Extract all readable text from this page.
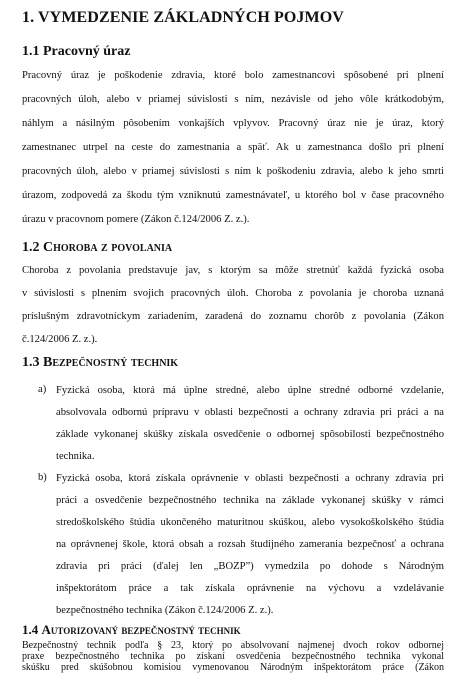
1. VYMEDZENIE ZÁKLADNÝCH POJMOV
1.1 Pracovný úraz
Pracovný úraz je poškodenie zdravia, ktoré bolo zamestnancovi spôsobené pri plnení
pracovných úloh, alebo v priamej súvislosti s ním, nezávisle od jeho vôle krátkodobým,
náhlym a násilným pôsobením vonkajších vplyvov. Pracovný úraz nie je úraz, ktorý
zamestnanec utrpel na ceste do zamestnania a späť. Ak u zamestnanca došlo pri plnení
pracovných úloh, alebo v priamej súvislosti s ním k poškodeniu zdravia, alebo k jeho smrti
úrazom, zodpovedá za škodu tým vzniknutú zamestnávateľ, u ktorého bol v čase pracovného
úrazu v pracovnom pomere (Zákon č.124/2006 Z. z.).
1.2 Choroba z povolania
Choroba z povolania predstavuje jav, s ktorým sa môže stretnúť každá fyzická osoba
v súvislosti s plnením svojich pracovných úloh. Choroba z povolania je choroba uznaná
príslušným zdravotníckym zariadením, zaradená do zoznamu chorôb z povolania (Zákon
č.124/2006 Z. z.).
1.3 Bezpečnostný technik
a) Fyzická osoba, ktorá má úplne stredné, alebo úplne stredné odborné vzdelanie,
absolvovala odbornú prípravu v oblasti bezpečnosti a ochrany zdravia pri práci a na
základe vykonanej skúšky získala osvedčenie o odbornej spôsobilosti bezpečnostného
technika.
b) Fyzická osoba, ktorá získala oprávnenie v oblasti bezpečnosti a ochrany zdravia pri
práci a osvedčenie bezpečnostného technika na základe vykonanej skúšky v rámci
stredoškolského štúdia ukončeného maturitnou skúškou, alebo vysokoškolského štúdia
na oprávnenej škole, ktorá obsah a rozsah študijného zamerania bezpečnosť a ochrana
zdravia pri práci (ďalej len „BOZP”) vymedzila po dohode s Národným
inšpektorátom práce a tak získala oprávnenie na výchovu a vzdelávanie
bezpečnostného technika (Zákon č.124/2006 Z. z.).
1.4 Autorizovaný bezpečnostný technik
Bezpečnostný technik podľa § 23, ktorý po absolvovaní najmenej dvoch rokov odbornej
praxe bezpečnostného technika po získaní osvedčenia bezpečnostného technika vykonal
skúšku pred skúšobnou komisiou vymenovanou Národným inšpektorátom práce (Zákon
